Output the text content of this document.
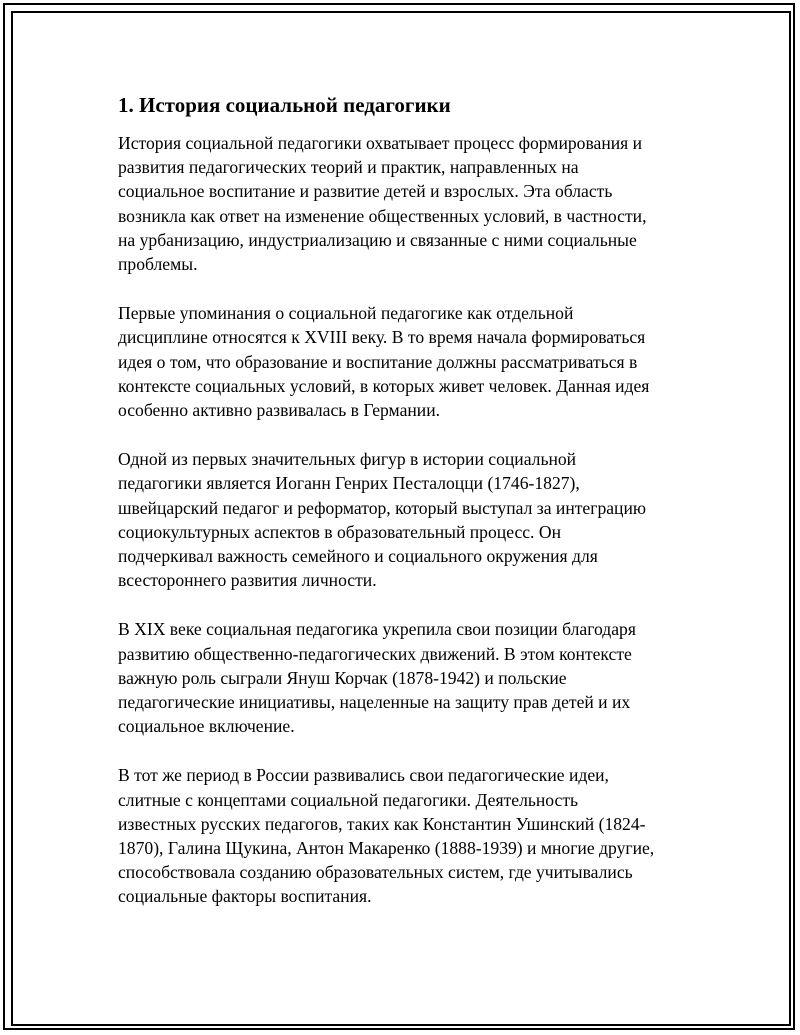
1. История социальной педагогики

История социальной педагогики охватывает процесс формирования и
развития педагогических теорий и практик, направленных на
социальное воспитание и развитие детей и взрослых. Эта область
возникла как ответ на изменение общественных условий, в частности,
на урбанизацию, индустриализацию и связанные с ними социальные
проблемы.

Первые упоминания о социальной педагогике как отдельной
дисциплине относятся к XVIII веку. В то время начала формироваться
идея о том, что образование и воспитание должны рассматриваться в
контексте социальных условий, в которых живет человек. Данная идея
особенно активно развивалась в Германии.

Одной из первых значительных фигур в истории социальной
педагогики является Иоганн Генрих Песталоцци (1746-1827),
швейцарский педагог и реформатор, который выступал за интеграцию
социокультурных аспектов в образовательный процесс. Он
подчеркивал важность семейного и социального окружения для
всестороннего развития личности.

В XIX веке социальная педагогика укрепила свои позиции благодаря
развитию общественно-педагогических движений. В этом контексте
важную роль сыграли Януш Корчак (1878-1942) и польские
педагогические инициативы, нацеленные на защиту прав детей и их
социальное включение.

В тот же период в России развивались свои педагогические идеи,
слитные с концептами социальной педагогики. Деятельность
известных русских педагогов, таких как Константин Ушинский (1824-
1870), Галина Щукина, Антон Макаренко (1888-1939) и многие другие,
способствовала созданию образовательных систем, где учитывались
социальные факторы воспитания.
